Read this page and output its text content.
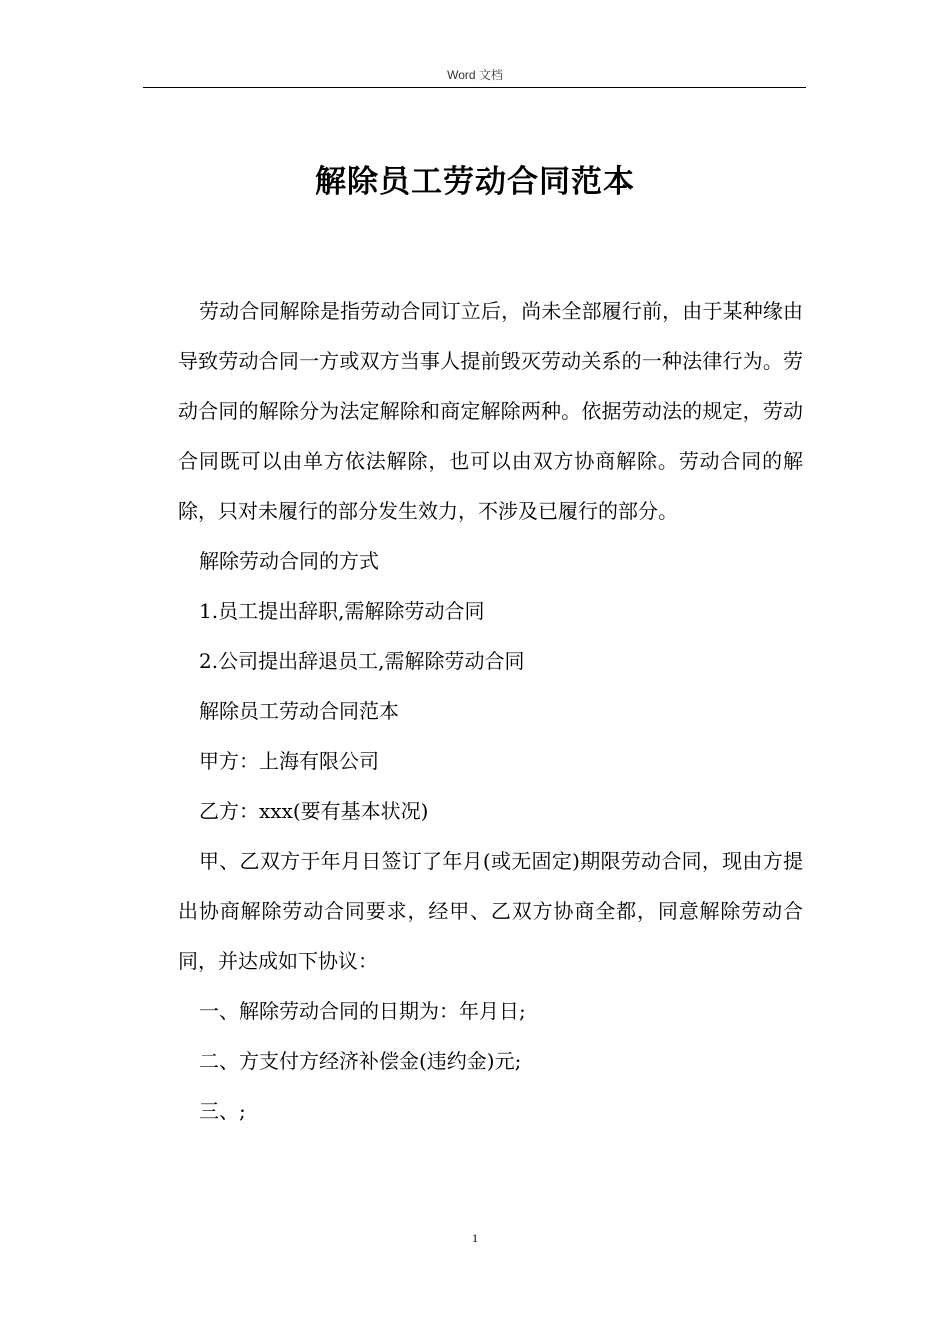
Word 文档
解除员工劳动合同范本

劳动合同解除是指劳动合同订立后，尚未全部履行前，由于某种缘由导致劳动合同一方或双方当事人提前毁灭劳动关系的一种法律行为。劳动合同的解除分为法定解除和商定解除两种。依据劳动法的规定，劳动合同既可以由单方依法解除，也可以由双方协商解除。劳动合同的解除，只对未履行的部分发生效力，不涉及已履行的部分。

解除劳动合同的方式

1.员工提出辞职,需解除劳动合同

2.公司提出辞退员工,需解除劳动合同

解除员工劳动合同范本

甲方：上海有限公司

乙方：xxx(要有基本状况)

甲、乙双方于年月日签订了年月(或无固定)期限劳动合同，现由方提出协商解除劳动合同要求，经甲、乙双方协商全都，同意解除劳动合同，并达成如下协议：

一、解除劳动合同的日期为：年月日;

二、方支付方经济补偿金(违约金)元;

三、;

1
